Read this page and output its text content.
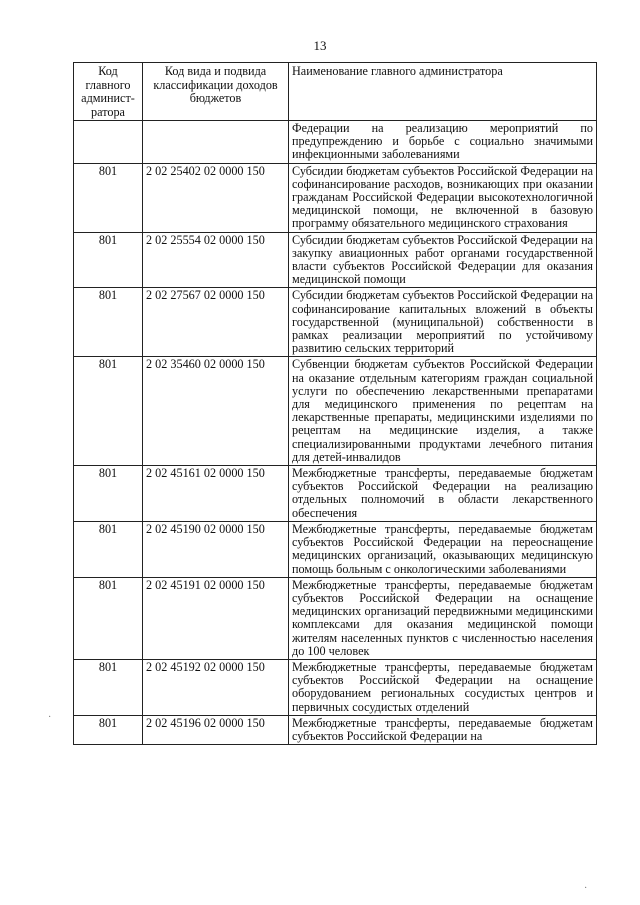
13
Код главного админист-ратора	Код вида и подвида классификации доходов бюджетов	Наименование главного администратора
		Федерации на реализацию мероприятий по предупреждению и борьбе с социально значимыми инфекционными заболеваниями
801	2 02 25402 02 0000 150	Субсидии бюджетам субъектов Российской Федерации на софинансирование расходов, возникающих при оказании гражданам Российской Федерации высокотехнологичной медицинской помощи, не включенной в базовую программу обязательного медицинского страхования
801	2 02 25554 02 0000 150	Субсидии бюджетам субъектов Российской Федерации на закупку авиационных работ органами государственной власти субъектов Российской Федерации для оказания медицинской помощи
801	2 02 27567 02 0000 150	Субсидии бюджетам субъектов Российской Федерации на софинансирование капитальных вложений в объекты государственной (муниципальной) собственности в рамках реализации мероприятий по устойчивому развитию сельских территорий
801	2 02 35460 02 0000 150	Субвенции бюджетам субъектов Российской Федерации на оказание отдельным категориям граждан социальной услуги по обеспечению лекарственными препаратами для медицинского применения по рецептам на лекарственные препараты, медицинскими изделиями по рецептам на медицинские изделия, а также специализированными продуктами лечебного питания для детей-инвалидов
801	2 02 45161 02 0000 150	Межбюджетные трансферты, передаваемые бюджетам субъектов Российской Федерации на реализацию отдельных полномочий в области лекарственного обеспечения
801	2 02 45190 02 0000 150	Межбюджетные трансферты, передаваемые бюджетам субъектов Российской Федерации на переоснащение медицинских организаций, оказывающих медицинскую помощь больным с онкологическими заболеваниями
801	2 02 45191 02 0000 150	Межбюджетные трансферты, передаваемые бюджетам субъектов Российской Федерации на оснащение медицинских организаций передвижными медицинскими комплексами для оказания медицинской помощи жителям населенных пунктов с численностью населения до 100 человек
801	2 02 45192 02 0000 150	Межбюджетные трансферты, передаваемые бюджетам субъектов Российской Федерации на оснащение оборудованием региональных сосудистых центров и первичных сосудистых отделений
801	2 02 45196 02 0000 150	Межбюджетные трансферты, передаваемые бюджетам субъектов Российской Федерации на
·
·
